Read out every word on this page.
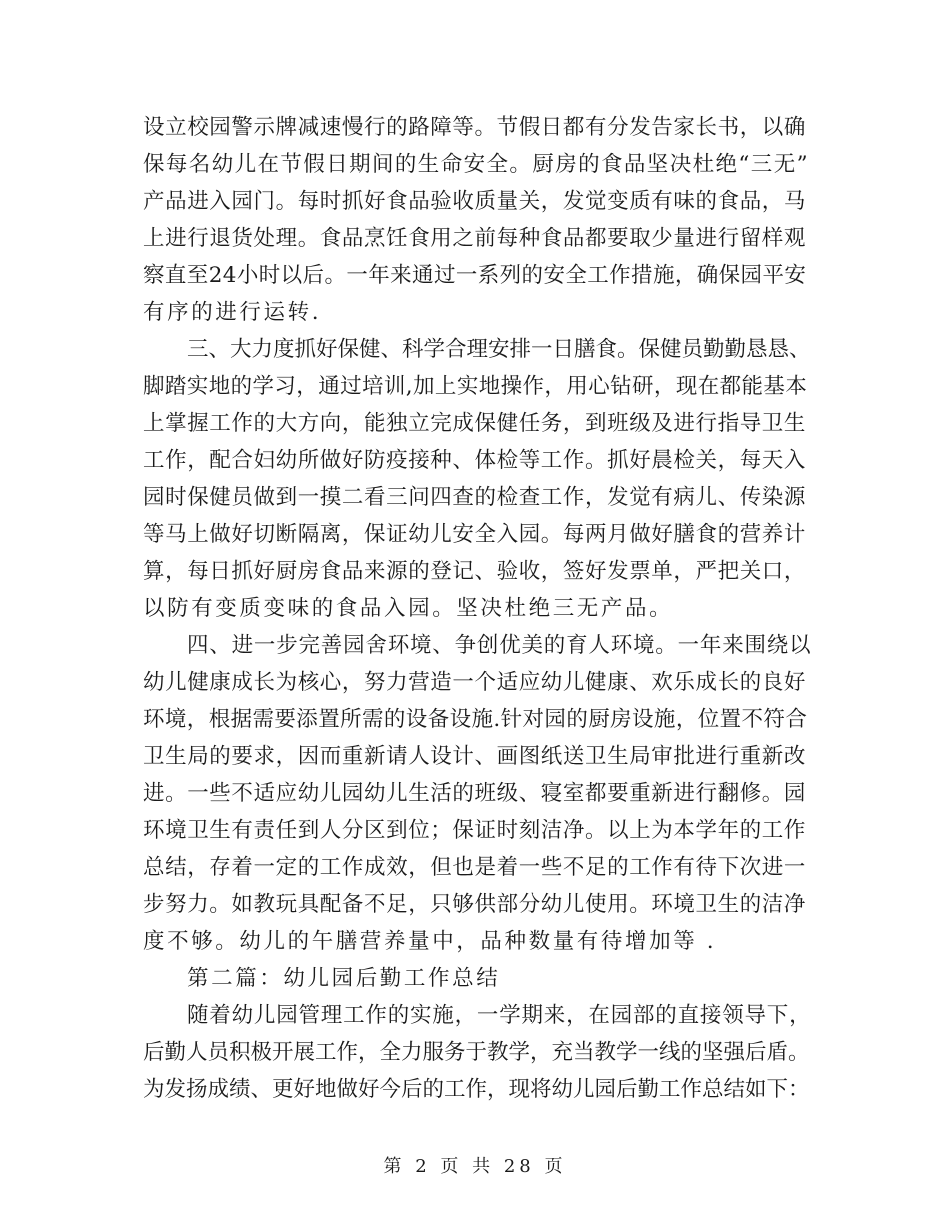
设立校园警示牌减速慢行的路障等。节假日都有分发告家长书，以确
保每名幼儿在节假日期间的生命安全。厨房的食品坚决杜绝“三无”
产品进入园门。每时抓好食品验收质量关，发觉变质有味的食品，马
上进行退货处理。食品烹饪食用之前每种食品都要取少量进行留样观
察直至24小时以后。一年来通过一系列的安全工作措施，确保园平安
有序的进行运转.
三、大力度抓好保健、科学合理安排一日膳食。保健员勤勤恳恳、
脚踏实地的学习，通过培训,加上实地操作，用心钻研，现在都能基本
上掌握工作的大方向，能独立完成保健任务，到班级及进行指导卫生
工作，配合妇幼所做好防疫接种、体检等工作。抓好晨检关，每天入
园时保健员做到一摸二看三问四查的检查工作，发觉有病儿、传染源
等马上做好切断隔离，保证幼儿安全入园。每两月做好膳食的营养计
算，每日抓好厨房食品来源的登记、验收，签好发票单，严把关口，
以防有变质变味的食品入园。坚决杜绝三无产品。
四、进一步完善园舍环境、争创优美的育人环境。一年来围绕以
幼儿健康成长为核心，努力营造一个适应幼儿健康、欢乐成长的良好
环境，根据需要添置所需的设备设施.针对园的厨房设施，位置不符合
卫生局的要求，因而重新请人设计、画图纸送卫生局审批进行重新改
进。一些不适应幼儿园幼儿生活的班级、寝室都要重新进行翻修。园
环境卫生有责任到人分区到位；保证时刻洁净。以上为本学年的工作
总结，存着一定的工作成效，但也是着一些不足的工作有待下次进一
步努力。如教玩具配备不足，只够供部分幼儿使用。环境卫生的洁净
度不够。幼儿的午膳营养量中，品种数量有待增加等 .
第二篇：幼儿园后勤工作总结
随着幼儿园管理工作的实施，一学期来，在园部的直接领导下，
后勤人员积极开展工作，全力服务于教学，充当教学一线的坚强后盾。
为发扬成绩、更好地做好今后的工作，现将幼儿园后勤工作总结如下：
第 2 页 共 28 页
